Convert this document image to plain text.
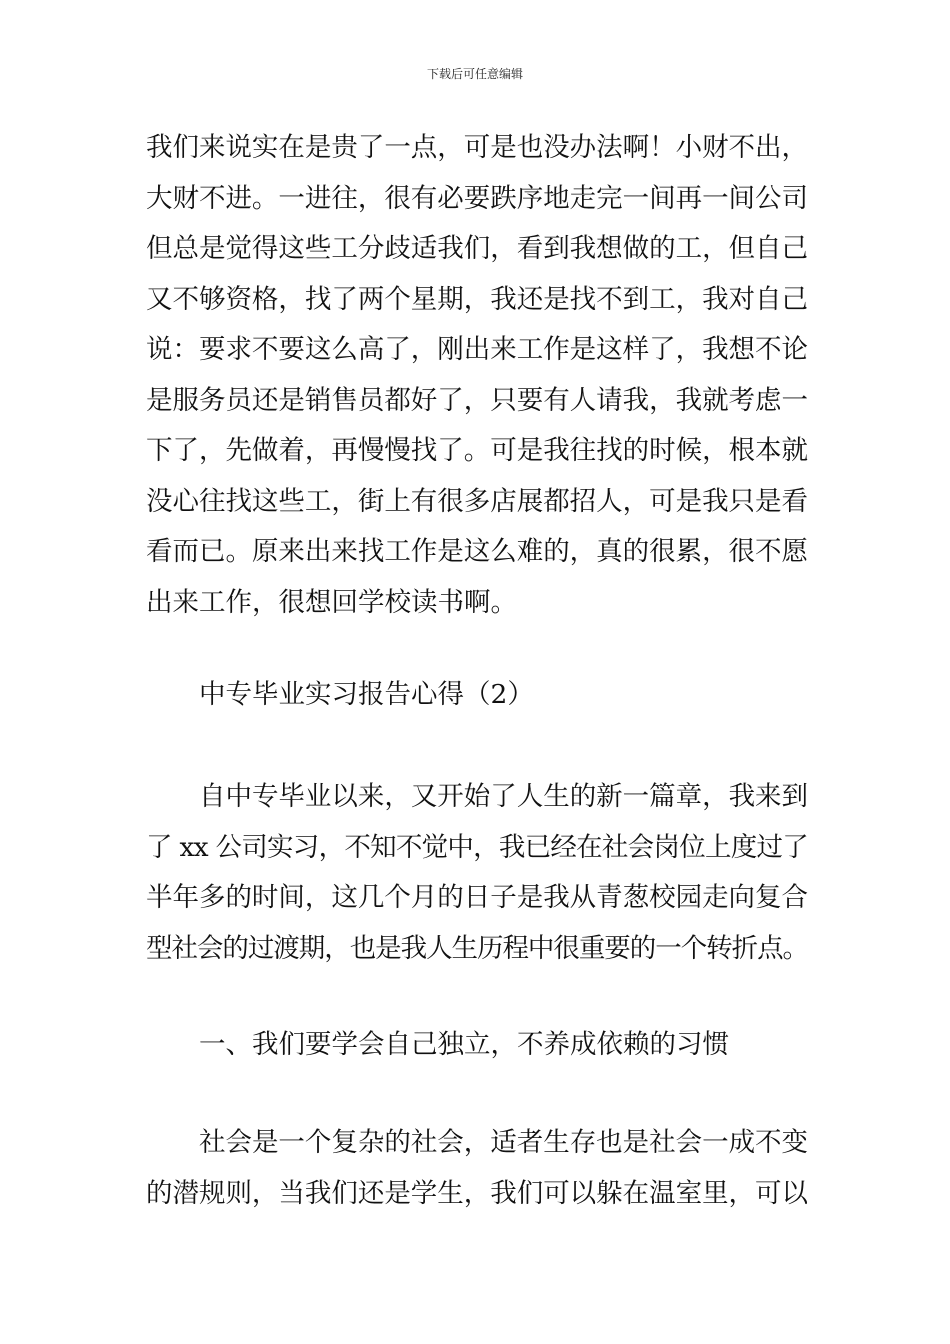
下载后可任意编辑
我们来说实在是贵了一点，可是也没办法啊！小财不出，
大财不进。一进往，很有必要跌序地走完一间再一间公司
但总是觉得这些工分歧适我们，看到我想做的工，但自己
又不够资格，找了两个星期，我还是找不到工，我对自己
说：要求不要这么高了，刚出来工作是这样了，我想不论
是服务员还是销售员都好了，只要有人请我，我就考虑一
下了，先做着，再慢慢找了。可是我往找的时候，根本就
没心往找这些工，街上有很多店展都招人，可是我只是看
看而已。原来出来找工作是这么难的，真的很累，很不愿
出来工作，很想回学校读书啊。
中专毕业实习报告心得（2）
自中专毕业以来，又开始了人生的新一篇章，我来到
了 xx 公司实习，不知不觉中，我已经在社会岗位上度过了
半年多的时间，这几个月的日子是我从青葱校园走向复合
型社会的过渡期，也是我人生历程中很重要的一个转折点。
一、我们要学会自己独立，不养成依赖的习惯
社会是一个复杂的社会，适者生存也是社会一成不变
的潜规则，当我们还是学生，我们可以躲在温室里，可以
